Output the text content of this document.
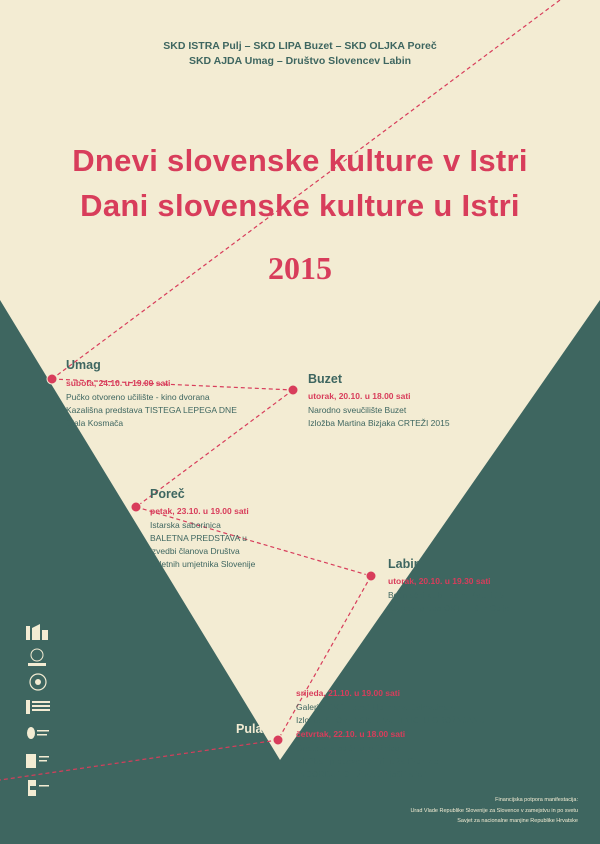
SKD ISTRA Pulj – SKD LIPA Buzet – SKD OLJKA Poreč
SKD AJDA Umag – Društvo Slovencev Labin
Dnevi slovenske kulture v Istri
Dani slovenske kulture u Istri
2015
Umag
subota, 24.10. u 19.00 sati
Pučko otvoreno učilište - kino dvorana
Kazališna predstava TISTEGA LEPEGA DNE
Ciala Kosmača
Buzet
utorak, 20.10. u 18.00 sati
Narodno sveučilište Buzet
Izložba Martina Bizjaka CRTEŽI 2015
Poreč
petak, 23.10. u 19.00 sati
Istarska saborinica
BALETNA PREDSTAVA u
izvedbi članova Društva
baletnih umjetnika Slovenije	Labin
utorak, 20.10. u 19.30 sati
Bošnjački klub Labin, Katuri 15
Koncert grupe OKTET 9 iz Celja
Pula
srijeda, 21.10. u 19.00 sati
Galerija SKD "Istra" Hermana Dalmatina 4
Izložba SLOVENSKI UMJETNICI U GROŽNJANU
četvrtak, 22.10. u 18.00 sati
Gradska središnja knjižnica
Izložba i predavanje Primoža Premzla
"NOORDUNG - Život u riječi i slici"
Financijska potpora manifestacija:
Urad Vlade Republike Slovenije za Slovence v zamejstvu in po svetu
Savjet za nacionalne manjine Republike Hrvatske
